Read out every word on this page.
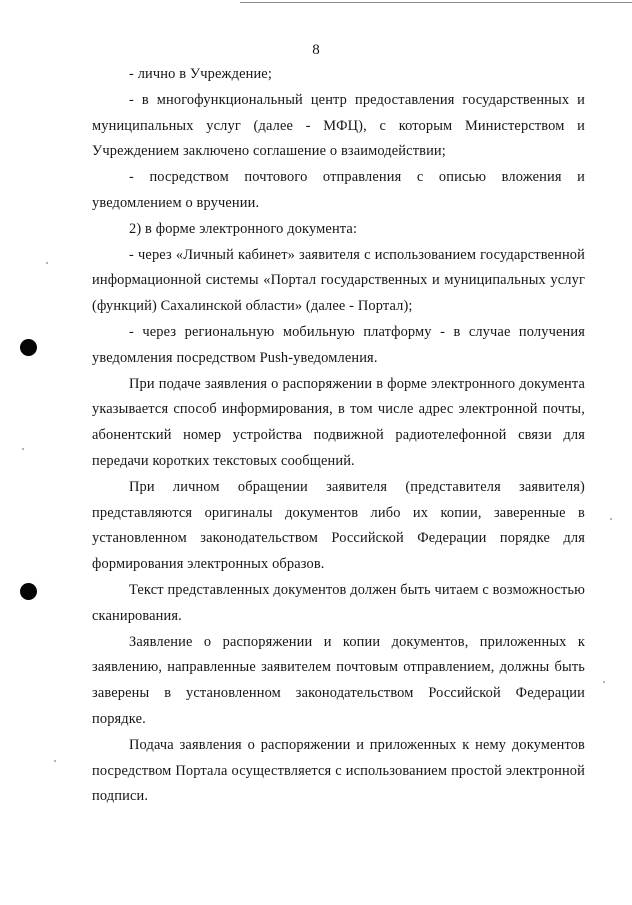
8

- лично в Учреждение;

- в многофункциональный центр предоставления государственных и муниципальных услуг (далее - МФЦ), с которым Министерством и Учреждением заключено соглашение о взаимодействии;

- посредством почтового отправления с описью вложения и уведомлением о вручении.

2) в форме электронного документа:

- через «Личный кабинет» заявителя с использованием государственной информационной системы «Портал государственных и муниципальных услуг (функций) Сахалинской области» (далее - Портал);

- через региональную мобильную платформу - в случае получения уведомления посредством Push-уведомления.

При подаче заявления о распоряжении в форме электронного документа указывается способ информирования, в том числе адрес электронной почты, абонентский номер устройства подвижной радиотелефонной связи для передачи коротких текстовых сообщений.

При личном обращении заявителя (представителя заявителя) представляются оригиналы документов либо их копии, заверенные в установленном законодательством Российской Федерации порядке для формирования электронных образов.

Текст представленных документов должен быть читаем с возможностью сканирования.

Заявление о распоряжении и копии документов, приложенных к заявлению, направленные заявителем почтовым отправлением, должны быть заверены в установленном законодательством Российской Федерации порядке.

Подача заявления о распоряжении и приложенных к нему документов посредством Портала осуществляется с использованием простой электронной подписи.
